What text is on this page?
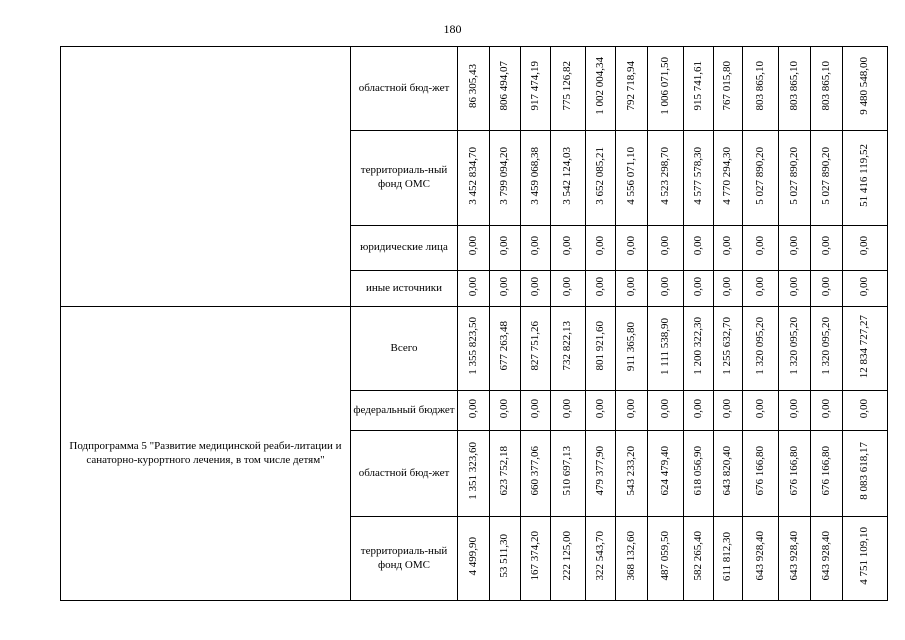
180
	областной бюд-жет	86 305,43	806 494,07	917 474,19	775 126,82	1 002 004,34	792 718,94	1 006 071,50	915 741,61	767 015,80	803 865,10	803 865,10	803 865,10	9 480 548,00
	территориаль-ный фонд ОМС	3 452 834,70	3 799 094,20	3 459 068,38	3 542 124,03	3 652 085,21	4 556 071,10	4 523 298,70	4 577 578,30	4 770 294,30	5 027 890,20	5 027 890,20	5 027 890,20	51 416 119,52
	юридические лица	0,00	0,00	0,00	0,00	0,00	0,00	0,00	0,00	0,00	0,00	0,00	0,00	0,00
	иные источники	0,00	0,00	0,00	0,00	0,00	0,00	0,00	0,00	0,00	0,00	0,00	0,00	0,00
Подпрограмма 5 "Развитие медицинской реаби-литации и санаторно-курортного лечения, в том числе детям"	Всего	1 355 823,50	677 263,48	827 751,26	732 822,13	801 921,60	911 365,80	1 111 538,90	1 200 322,30	1 255 632,70	1 320 095,20	1 320 095,20	1 320 095,20	12 834 727,27
	федеральный бюджет	0,00	0,00	0,00	0,00	0,00	0,00	0,00	0,00	0,00	0,00	0,00	0,00	0,00
	областной бюд-жет	1 351 323,60	623 752,18	660 377,06	510 697,13	479 377,90	543 233,20	624 479,40	618 056,90	643 820,40	676 166,80	676 166,80	676 166,80	8 083 618,17
	территориаль-ный фонд ОМС	4 499,90	53 511,30	167 374,20	222 125,00	322 543,70	368 132,60	487 059,50	582 265,40	611 812,30	643 928,40	643 928,40	643 928,40	4 751 109,10
